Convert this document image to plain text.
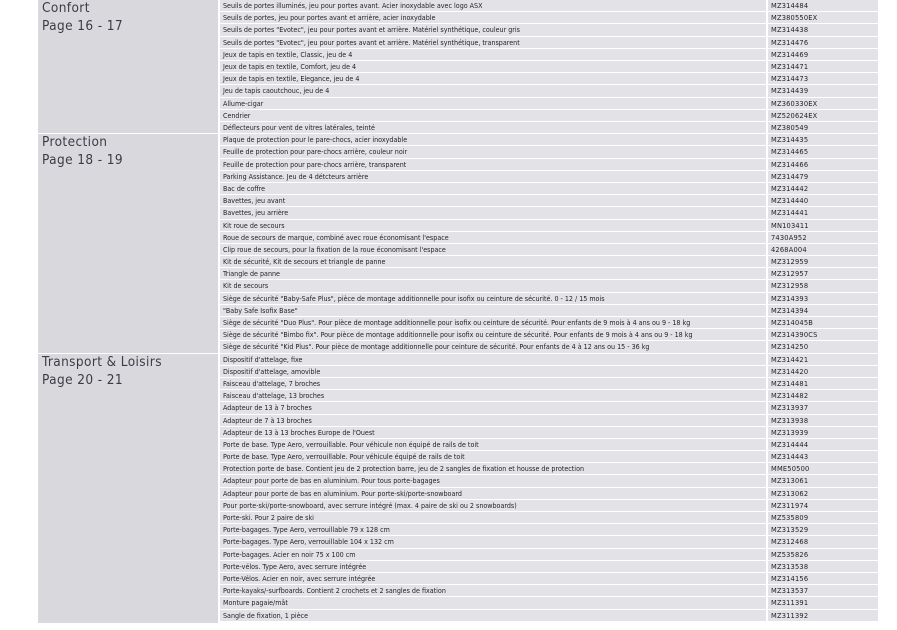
Confort
Page 16 - 17
Seuils de portes illuminés, jeu pour portes avant. Acier inoxydable avec logo ASX	MZ314484
Seuils de portes, jeu pour portes avant et arrière, acier inoxydable	MZ380550EX
Seuils de portes "Evotec", jeu pour portes avant et arrière. Matériel synthétique, couleur gris	MZ314438
Seuils de portes "Evotec", jeu pour portes avant et arrière. Matériel synthétique, transparent	MZ314476
Jeux de tapis en textile, Classic, jeu de 4	MZ314469
Jeux de tapis en textile, Comfort, jeu de 4	MZ314471
Jeux de tapis en textile, Elegance, jeu de 4	MZ314473
Jeu de tapis caoutchouc, jeu de 4	MZ314439
Allume-cigar	MZ360330EX
Cendrier	MZ520624EX
Déflecteurs pour vent de vitres latérales, teinté	MZ380549
Protection
Page 18 - 19
Plaque de protection pour le pare-chocs, acier inoxydable	MZ314435
Feuille de protection pour pare-chocs arrière, couleur noir	MZ314465
Feuille de protection pour pare-chocs arrière, transparent	MZ314466
Parking Assistance. Jeu de 4 détcteurs arrière	MZ314479
Bac de coffre	MZ314442
Bavettes, jeu avant	MZ314440
Bavettes, jeu arrière	MZ314441
Kit roue de secours	MN103411
Roue de secours de marque, combiné avec roue économisant l'espace	7430A952
Clip roue de secours, pour la fixation de la roue économisant l'espace	4268A004
Kit de sécurité, Kit de secours et triangle de panne	MZ312959
Triangle de panne	MZ312957
Kit de secours	MZ312958
Siège de sécurité "Baby-Safe Plus", pièce de montage additionnelle pour isofix ou ceinture de sécurité. 0 - 12 / 15 mois	MZ314393
"Baby Safe Isofix Base"	MZ314394
Siège de sécurité "Duo Plus". Pour pièce de montage additionnelle pour isofix ou ceinture de sécurité. Pour enfants de 9 mois à 4 ans ou 9 - 18 kg	MZ314045B
Siège de sécurité "Bimbo fix". Pour pièce de montage additionnelle pour isofix ou ceinture de sécurité. Pour enfants de 9 mois à 4 ans ou 9 - 18 kg	MZ314390CS
Siège de sécurité "Kid Plus". Pour pièce de montage additionnelle pour ceinture de sécurité. Pour enfants de 4 à 12 ans ou 15 - 36 kg	MZ314250
Transport & Loisirs
Page 20 - 21
Dispositif d'attelage, fixe	MZ314421
Dispositif d'attelage, amovible	MZ314420
Faisceau d'attelage, 7 broches	MZ314481
Faisceau d'attelage, 13 broches	MZ314482
Adapteur de 13 à 7 broches	MZ313937
Adapteur de 7 à 13 broches	MZ313938
Adapteur de 13 à 13 broches Europe de l'Ouest	MZ313939
Porte de base. Type Aero, verrouillable. Pour véhicule non équipé de rails de toit	MZ314444
Porte de base. Type Aero, verrouillable. Pour véhicule équipé de rails de toit	MZ314443
Protection porte de base. Contient jeu de 2 protection barre, jeu de 2 sangles de fixation et housse de protection	MME50500
Adapteur pour porte de bas en aluminium. Pour tous porte-bagages	MZ313061
Adapteur pour porte de bas en aluminium. Pour porte-ski/porte-snowboard	MZ313062
Pour porte-ski/porte-snowboard, avec serrure intégré (max. 4 paire de ski ou 2 snowboards)	MZ311974
Porte-ski. Pour 2 paire de ski	MZ535809
Porte-bagages. Type Aero, verrouillable 79 x 128 cm	MZ313529
Porte-bagages. Type Aero, verrouillable 104 x 132 cm	MZ312468
Porte-bagages. Acier en noir 75 x 100 cm	MZ535826
Porte-vélos. Type Aero, avec serrure intégrée	MZ313538
Porte-Vélos. Acier en noir, avec serrure intégrée	MZ314156
Porte-kayaks/-surfboards. Contient 2 crochets et 2 sangles de fixation	MZ313537
Monture pagaie/mât	MZ311391
Sangle de fixation, 1 pièce	MZ311392
